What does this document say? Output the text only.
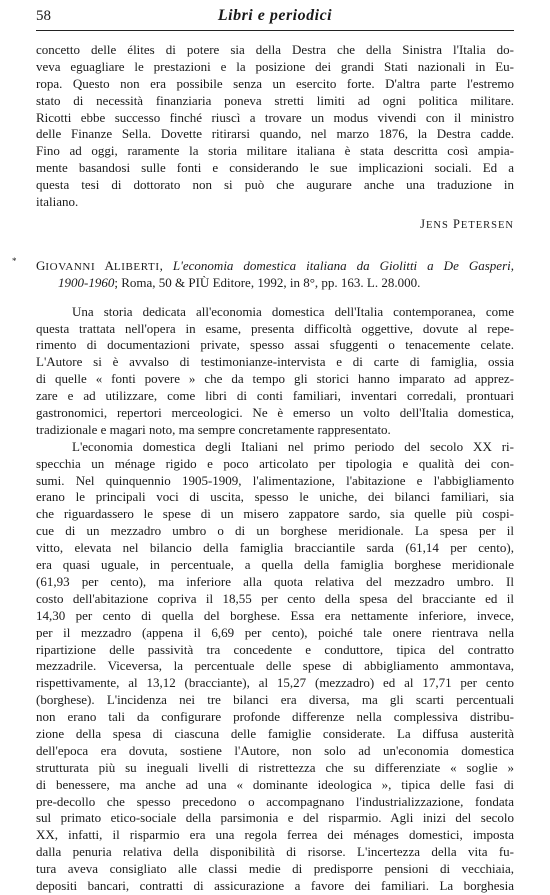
58	Libri e periodici
concetto delle élites di potere sia della Destra che della Sinistra l'Italia do-
veva eguagliare le prestazioni e la posizione dei grandi Stati nazionali in Eu-
ropa. Questo non era possibile senza un esercito forte. D'altra parte l'estremo
stato di necessità finanziaria poneva stretti limiti ad ogni politica militare.
Ricotti ebbe successo finché riuscì a trovare un modus vivendi con il ministro
delle Finanze Sella. Dovette ritirarsi quando, nel marzo 1876, la Destra cadde.
Fino ad oggi, raramente la storia militare italiana è stata descritta così ampia-
mente basandosi sulle fonti e considerando le sue implicazioni sociali. Ed a
questa tesi di dottorato non si può che augurare anche una traduzione in
italiano.
JENS PETERSEN
* GIOVANNI ALIBERTI, L'economia domestica italiana da Giolitti a De Gasperi,
1900-1960; Roma, 50 & PIÙ Editore, 1992, in 8°, pp. 163. L. 28.000.
Una storia dedicata all'economia domestica dell'Italia contemporanea, come
questa trattata nell'opera in esame, presenta difficoltà oggettive, dovute al repe-
rimento di documentazioni private, spesso assai sfuggenti o tenacemente celate.
L'Autore si è avvalso di testimonianze-intervista e di carte di famiglia, ossia
di quelle « fonti povere » che da tempo gli storici hanno imparato ad apprez-
zare e ad utilizzare, come libri di conti familiari, inventari corredali, prontuari
gastronomici, repertori merceologici. Ne è emerso un volto dell'Italia domestica,
tradizionale e magari noto, ma sempre concretamente rappresentato.
L'economia domestica degli Italiani nel primo periodo del secolo XX ri-
specchia un ménage rigido e poco articolato per tipologia e qualità dei con-
sumi. Nel quinquennio 1905-1909, l'alimentazione, l'abitazione e l'abbigliamento
erano le principali voci di uscita, spesso le uniche, dei bilanci familiari, sia
che riguardassero le spese di un misero zappatore sardo, sia quelle più cospi-
cue di un mezzadro umbro o di un borghese meridionale. La spesa per il
vitto, elevata nel bilancio della famiglia bracciantile sarda (61,14 per cento),
era quasi uguale, in percentuale, a quella della famiglia borghese meridionale
(61,93 per cento), ma inferiore alla quota relativa del mezzadro umbro. Il
costo dell'abitazione copriva il 18,55 per cento della spesa del bracciante ed il
14,30 per cento di quella del borghese. Essa era nettamente inferiore, invece,
per il mezzadro (appena il 6,69 per cento), poiché tale onere rientrava nella
ripartizione delle passività tra concedente e conduttore, tipica del contratto
mezzadrile. Viceversa, la percentuale delle spese di abbigliamento ammontava,
rispettivamente, al 13,12 (bracciante), al 15,27 (mezzadro) ed al 17,71 per cento
(borghese). L'incidenza nei tre bilanci era diversa, ma gli scarti percentuali
non erano tali da configurare profonde differenze nella complessiva distribu-
zione della spesa di ciascuna delle famiglie considerate. La diffusa austerità
dell'epoca era dovuta, sostiene l'Autore, non solo ad un'economia domestica
strutturata più su ineguali livelli di ristrettezza che su differenziate « soglie »
di benessere, ma anche ad una « dominante ideologica », tipica delle fasi di
pre-decollo che spesso precedono o accompagnano l'industrializzazione, fondata
sul primato etico-sociale della parsimonia e del risparmio. Agli inizi del secolo
XX, infatti, il risparmio era una regola ferrea dei ménages domestici, imposta
dalla penuria relativa della disponibilità di risorse. L'incertezza della vita fu-
tura aveva consigliato alle classi medie di predisporre pensioni di vecchiaia,
depositi bancari, contratti di assicurazione a favore dei familiari. La borghesia
